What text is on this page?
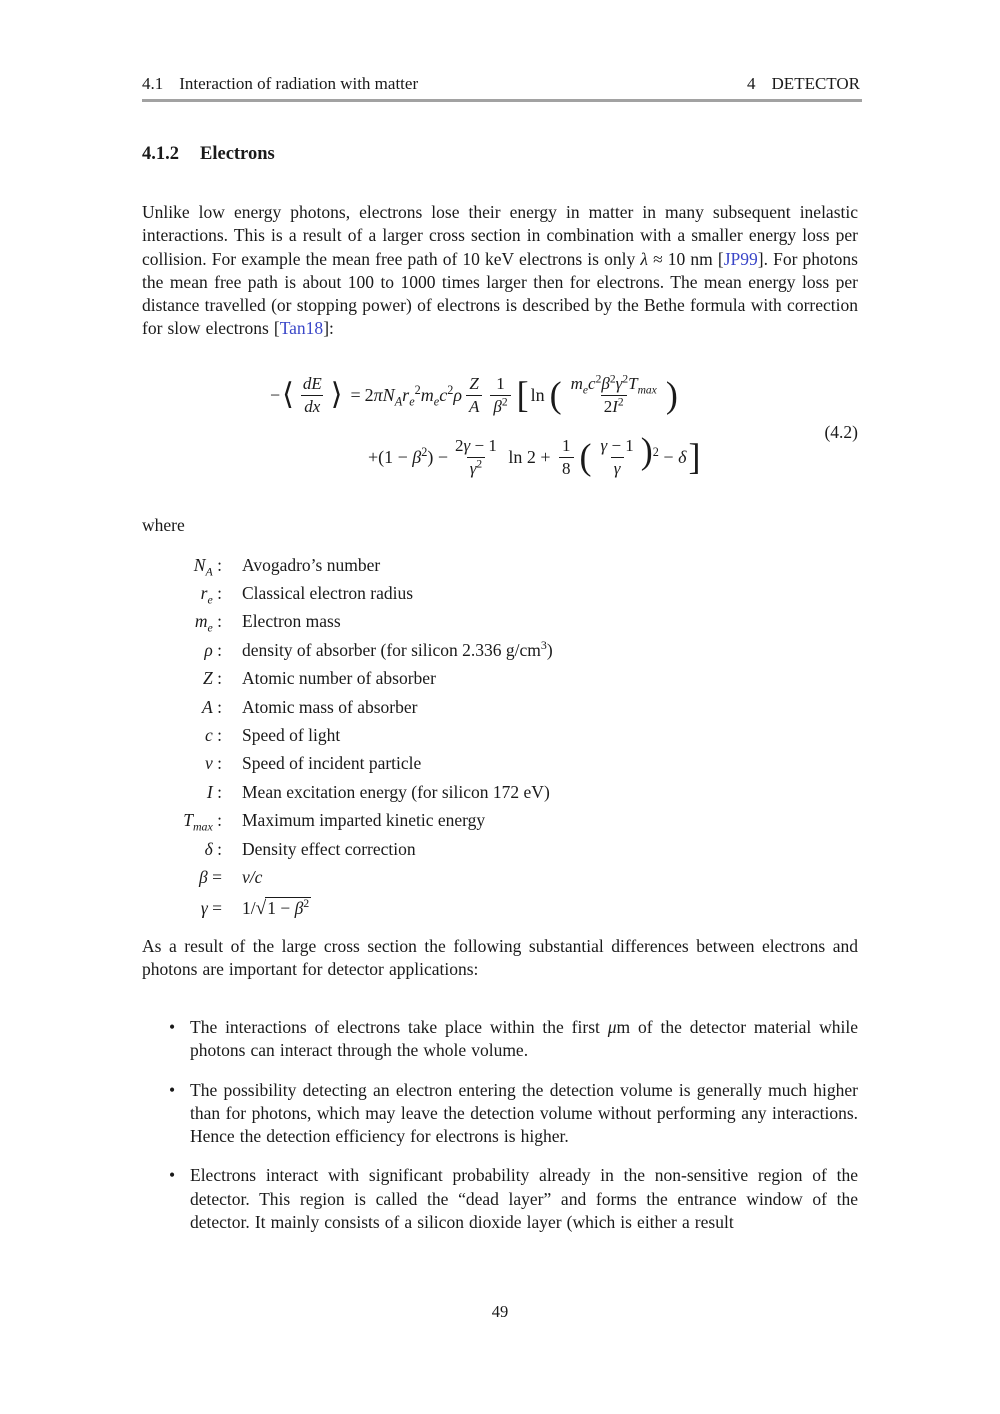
4.1 Interaction of radiation with matter	4 DETECTOR
4.1.2 Electrons
Unlike low energy photons, electrons lose their energy in matter in many subsequent inelastic interactions. This is a result of a larger cross section in combination with a smaller energy loss per collision. For example the mean free path of 10 keV electrons is only λ ≈ 10 nm [JP99]. For photons the mean free path is about 100 to 1000 times larger then for electrons. The mean energy loss per distance travelled (or stopping power) of electrons is described by the Bethe formula with correction for slow electrons [Tan18]:
− ⟨ $\frac{dE}{dx}$ ⟩ = $2\pi N_Ar_e^2m_ec^2\rho \frac{Z}{A} \frac{1}{\beta^2}$ [ ln ( $\frac{m_ec^2\beta^2\gamma^2T_{max}}{2I^2}$ )
$+(1 - \beta^2) - \frac{2\gamma - 1}{\gamma^2}$ $\ln 2 + \frac{1}{8}$ ( $\frac{\gamma - 1}{\gamma} )^2 - \delta$ ]
(4.2)
where
$N_A$ : Avogadro’s number
$r_e$ : Classical electron radius
$m_e$ : Electron mass
ρ : density of absorber (for silicon 2.336 $g/cm^3$)
Z : Atomic number of absorber
A : Atomic mass of absorber
c : Speed of light
v : Speed of incident particle
I : Mean excitation energy (for silicon 172 eV)
$T_{max}$ : Maximum imparted kinetic energy
δ : Density effect correction
β = v/c
$\gamma = 1/√1 - \beta^2$
As a result of the large cross section the following substantial differences between electrons and photons are important for detector applications:
• The interactions of electrons take place within the first μm of the detector material while photons can interact through the whole volume.
• The possibility detecting an electron entering the detection volume is generally much higher than for photons, which may leave the detection volume without performing any interactions. Hence the detection efficiency for electrons is higher.
• Electrons interact with significant probability already in the non-sensitive region of the detector. This region is called the “dead layer” and forms the entrance window of the detector. It mainly consists of a silicon dioxide layer (which is either a result
49
